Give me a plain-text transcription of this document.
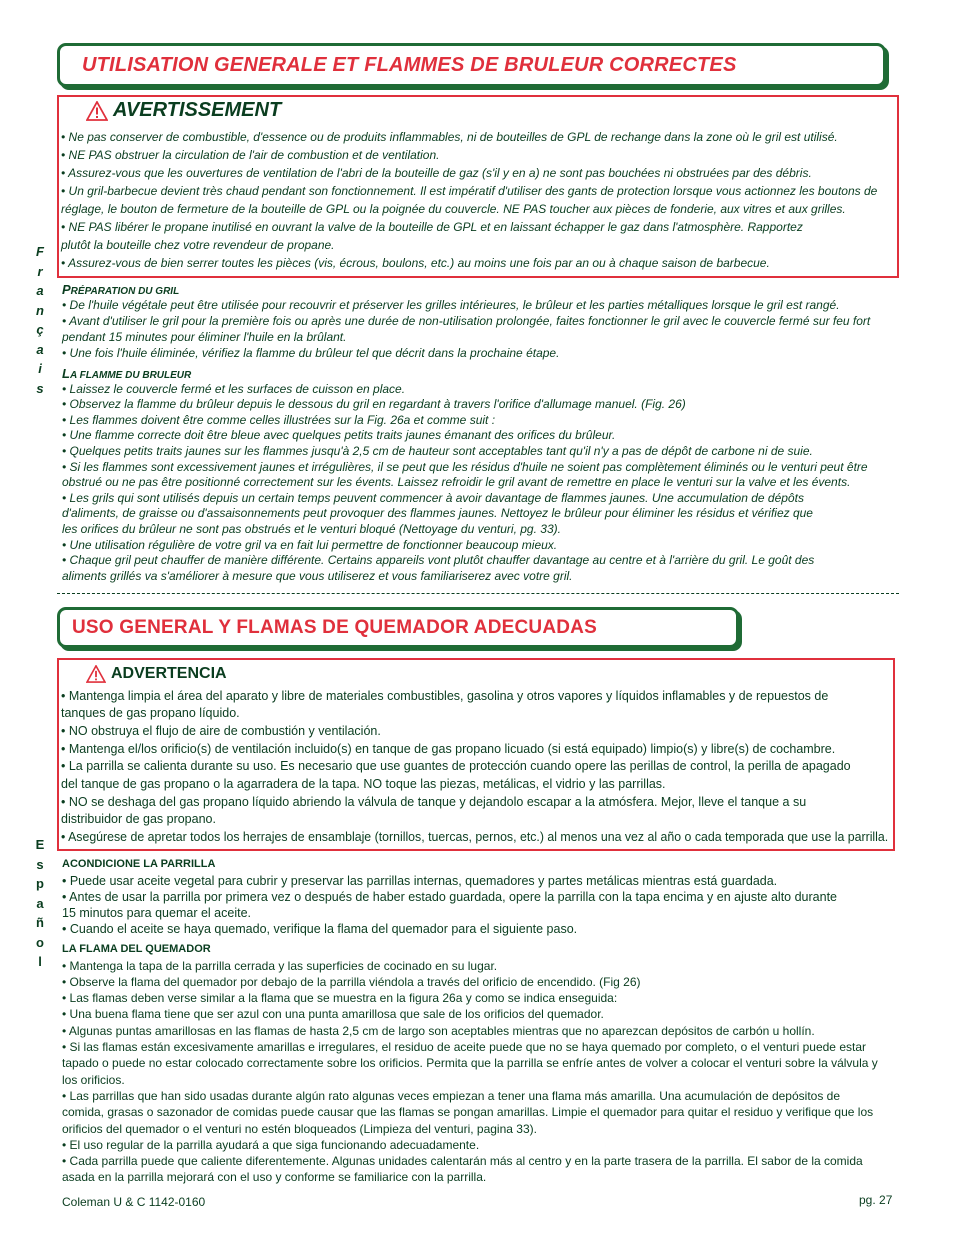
UTILISATION GENERALE ET FLAMMES DE BRULEUR CORRECTES
AVERTISSEMENT
• Ne pas conserver de combustible, d'essence ou de produits inflammables, ni de bouteilles de GPL de rechange dans la zone où le gril est utilisé.
• NE PAS obstruer la circulation de l'air de combustion et de ventilation.
• Assurez-vous que les ouvertures de ventilation de l'abri de la bouteille de gaz (s'il y en a) ne sont pas bouchées ni obstruées par des débris.
• Un gril-barbecue devient très chaud pendant son fonctionnement. Il est impératif d'utiliser des gants de protection lorsque vous actionnez les boutons de
réglage, le bouton de fermeture de la bouteille de GPL ou la poignée du couvercle. NE PAS toucher aux pièces de fonderie, aux vitres et aux grilles.
• NE PAS libérer le propane inutilisé en ouvrant la valve de la bouteille de GPL et en laissant échapper le gaz dans l'atmosphère. Rapportez
plutôt la bouteille chez votre revendeur de propane.
• Assurez-vous de bien serrer toutes les pièces (vis, écrous, boulons, etc.) au moins une fois par an ou à chaque saison de barbecue.
F
r
a
n
ç
a
i
s
PRÉPARATION DU GRIL
• De l'huile végétale peut être utilisée pour recouvrir et préserver les grilles intérieures, le brûleur et les parties métalliques lorsque le gril est rangé.
• Avant d'utiliser le gril pour la première fois ou après une durée de non-utilisation prolongée, faites fonctionner le gril avec le couvercle fermé sur feu fort
pendant 15 minutes pour éliminer l'huile en la brûlant.
• Une fois l'huile éliminée, vérifiez la flamme du brûleur tel que décrit dans la prochaine étape.
LA FLAMME DU BRULEUR
• Laissez le couvercle fermé et les surfaces de cuisson en place.
• Observez la flamme du brûleur depuis le dessous du gril en regardant à travers l'orifice d'allumage manuel. (Fig. 26)
• Les flammes doivent être comme celles illustrées sur la Fig. 26a et comme suit :
• Une flamme correcte doit être bleue avec quelques petits traits jaunes émanant des orifices du brûleur.
• Quelques petits traits jaunes sur les flammes jusqu'à 2,5 cm de hauteur sont acceptables tant qu'il n'y a pas de dépôt de carbone ni de suie.
• Si les flammes sont excessivement jaunes et irrégulières, il se peut que les résidus d'huile ne soient pas complètement éliminés ou le venturi peut être
obstrué ou ne pas être positionné correctement sur les évents. Laissez refroidir le gril avant de remettre en place le venturi sur la valve et les évents.
• Les grils qui sont utilisés depuis un certain temps peuvent commencer à avoir davantage de flammes jaunes. Une accumulation de dépôts
d'aliments, de graisse ou d'assaisonnements peut provoquer des flammes jaunes. Nettoyez le brûleur pour éliminer les résidus et vérifiez que
les orifices du brûleur ne sont pas obstrués et le venturi bloqué (Nettoyage du venturi, pg. 33).
• Une utilisation régulière de votre gril va en fait lui permettre de fonctionner beaucoup mieux.
• Chaque gril peut chauffer de manière différente. Certains appareils vont plutôt chauffer davantage au centre et à l'arrière du gril. Le goût des
aliments grillés va s'améliorer à mesure que vous utiliserez et vous familiariserez avec votre gril.
USO GENERAL Y FLAMAS DE QUEMADOR ADECUADAS
ADVERTENCIA
• Mantenga limpia el área del aparato y libre de materiales combustibles, gasolina y otros vapores y líquidos inflamables y de repuestos de
tanques de gas propano líquido.
• NO obstruya el flujo de aire de combustión y ventilación.
• Mantenga el/los orificio(s) de ventilación incluido(s) en tanque de gas propano licuado (si está equipado) limpio(s) y libre(s) de cochambre.
• La parrilla se calienta durante su uso. Es necesario que use guantes de protección cuando opere las perillas de control, la perilla de apagado
del tanque de gas propano o la agarradera de la tapa. NO toque las piezas, metálicas, el vidrio y las parrillas.
• NO se deshaga del gas propano líquido abriendo la válvula de tanque y dejandolo escapar a la atmósfera. Mejor, lleve el tanque a su
distribuidor de gas propano.
• Asegúrese de apretar todos los herrajes de ensamblaje (tornillos, tuercas, pernos, etc.) al menos una vez al año o cada temporada que use la parrilla.
E
s
p
a
ñ
o
l
ACONDICIONE LA PARRILLA
• Puede usar aceite vegetal para cubrir y preservar las parrillas internas, quemadores y partes metálicas mientras está guardada.
• Antes de usar la parrilla por primera vez o después de haber estado guardada, opere la parrilla con la tapa encima y en ajuste alto durante
15 minutos para quemar el aceite.
• Cuando el aceite se haya quemado, verifique la flama del quemador para el siguiente paso.
LA FLAMA DEL QUEMADOR
• Mantenga la tapa de la parrilla cerrada y las superficies de cocinado en su lugar.
• Observe la flama del quemador por debajo de la parrilla viéndola a través del orificio de encendido. (Fig 26)
• Las flamas deben verse similar a la flama que se muestra en la figura 26a y como se indica enseguida:
• Una buena flama tiene que ser azul con una punta amarillosa que sale de los orificios del quemador.
• Algunas puntas amarillosas en las flamas de hasta 2,5 cm de largo son aceptables mientras que no aparezcan depósitos de carbón u hollín.
• Si las flamas están excesivamente amarillas e irregulares, el residuo de aceite puede que no se haya quemado por completo, o el venturi puede estar
tapado o puede no estar colocado correctamente sobre los orificios. Permita que la parrilla se enfríe antes de volver a colocar el venturi sobre la válvula y
los orificios.
• Las parrillas que han sido usadas durante algún rato algunas veces empiezan a tener una flama más amarilla. Una acumulación de depósitos de
comida, grasas o sazonador de comidas puede causar que las flamas se pongan amarillas. Limpie el quemador para quitar el residuo y verifique que los
orificios del quemador o el venturi no estén bloqueados (Limpieza del venturi, pagina 33).
• El uso regular de la parrilla ayudará a que siga funcionando adecuadamente.
• Cada parrilla puede que caliente diferentemente. Algunas unidades calentarán más al centro y en la parte trasera de la parrilla. El sabor de la comida
asada en la parrilla mejorará con el uso y conforme se familiarice con la parrilla.
Coleman U & C 1142-0160	pg. 27
